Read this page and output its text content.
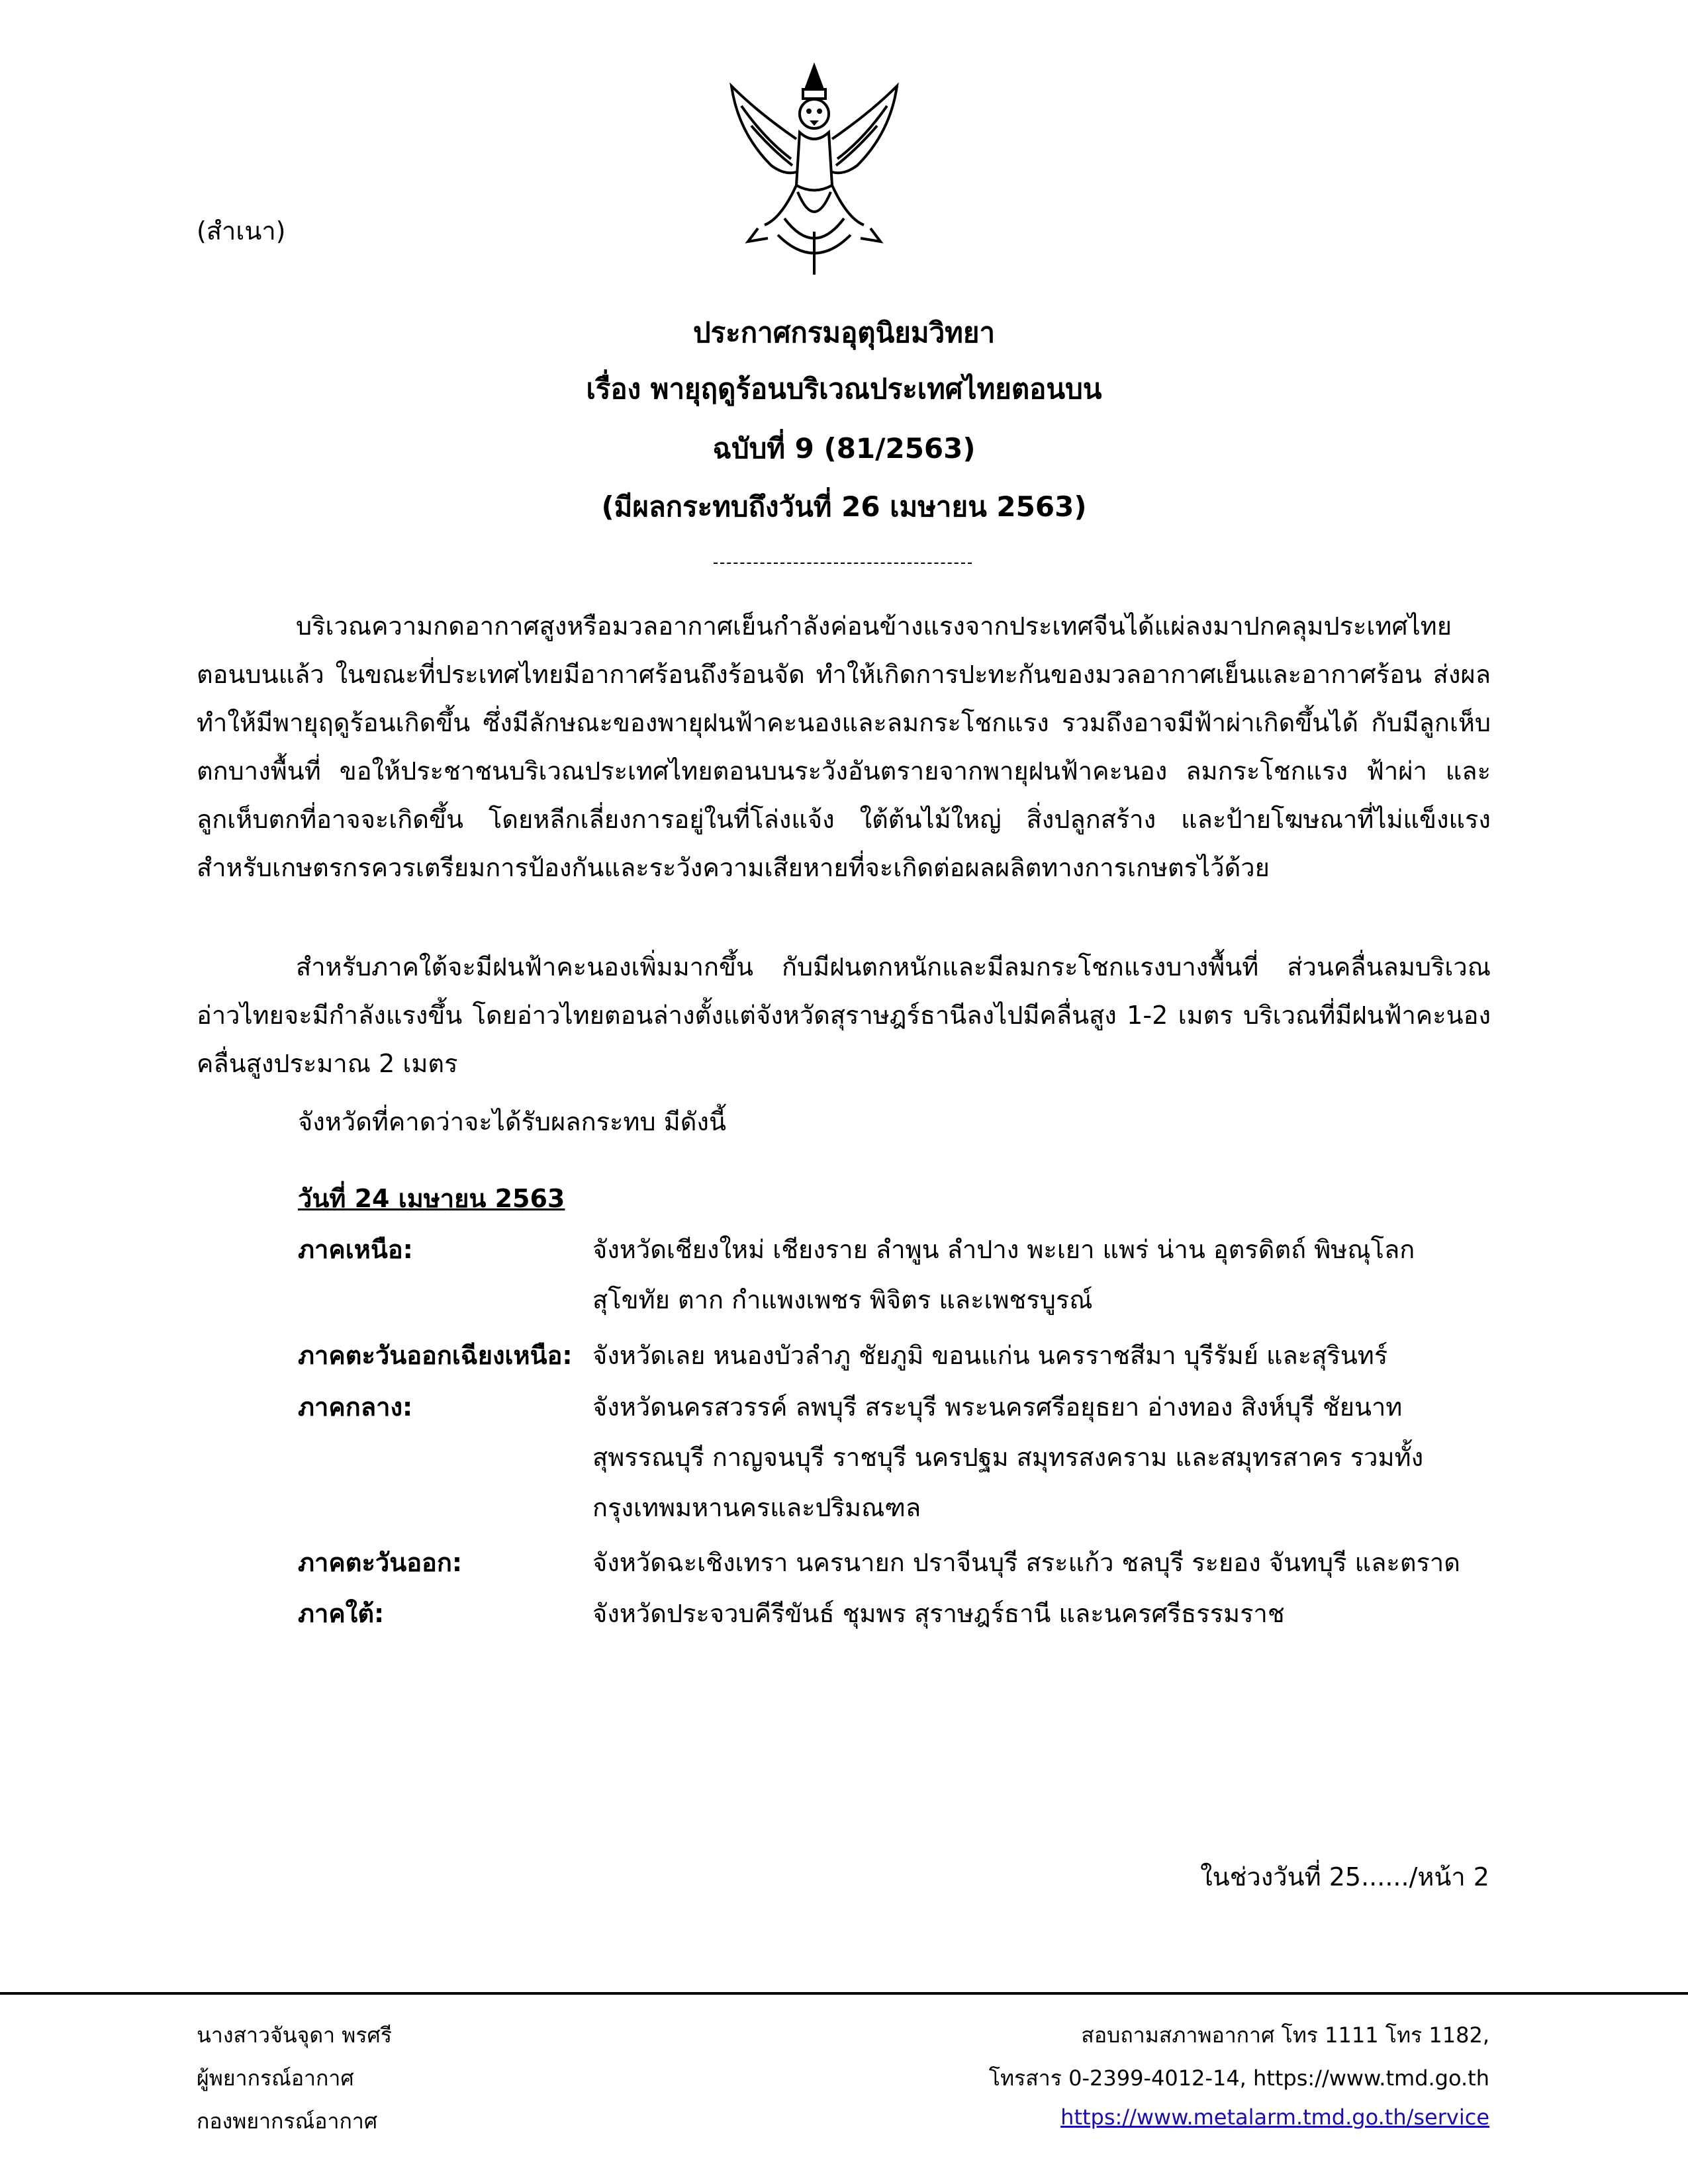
(สำเนา)
ประกาศกรมอุตุนิยมวิทยา
เรื่อง พายุฤดูร้อนบริเวณประเทศไทยตอนบน
ฉบับที่ 9 (81/2563)
(มีผลกระทบถึงวันที่ 26 เมษายน 2563)
บริเวณความกดอากาศสูงหรือมวลอากาศเย็นกำลังค่อนข้างแรงจากประเทศจีนได้แผ่ลงมาปกคลุมประเทศไทยตอนบนแล้ว ในขณะที่ประเทศไทยมีอากาศร้อนถึงร้อนจัด ทำให้เกิดการปะทะกันของมวลอากาศเย็นและอากาศร้อน ส่งผลทำให้มีพายุฤดูร้อนเกิดขึ้น ซึ่งมีลักษณะของพายุฝนฟ้าคะนองและลมกระโชกแรง รวมถึงอาจมีฟ้าผ่าเกิดขึ้นได้ กับมีลูกเห็บตกบางพื้นที่ ขอให้ประชาชนบริเวณประเทศไทยตอนบนระวังอันตรายจากพายุฝนฟ้าคะนอง ลมกระโชกแรง ฟ้าผ่า และลูกเห็บตกที่อาจจะเกิดขึ้น โดยหลีกเลี่ยงการอยู่ในที่โล่งแจ้ง ใต้ต้นไม้ใหญ่ สิ่งปลูกสร้าง และป้ายโฆษณาที่ไม่แข็งแรง สำหรับเกษตรกรควรเตรียมการป้องกันและระวังความเสียหายที่จะเกิดต่อผลผลิตทางการเกษตรไว้ด้วย
สำหรับภาคใต้จะมีฝนฟ้าคะนองเพิ่มมากขึ้น กับมีฝนตกหนักและมีลมกระโชกแรงบางพื้นที่ ส่วนคลื่นลมบริเวณอ่าวไทยจะมีกำลังแรงขึ้น โดยอ่าวไทยตอนล่างตั้งแต่จังหวัดสุราษฎร์ธานีลงไปมีคลื่นสูง 1-2 เมตร บริเวณที่มีฝนฟ้าคะนองคลื่นสูงประมาณ 2 เมตร
จังหวัดที่คาดว่าจะได้รับผลกระทบ มีดังนี้
วันที่ 24 เมษายน 2563
ภาคเหนือ:	จังหวัดเชียงใหม่ เชียงราย ลำพูน ลำปาง พะเยา แพร่ น่าน อุตรดิตถ์ พิษณุโลก สุโขทัย ตาก กำแพงเพชร พิจิตร และเพชรบูรณ์
ภาคตะวันออกเฉียงเหนือ: จังหวัดเลย หนองบัวลำภู ชัยภูมิ ขอนแก่น นครราชสีมา บุรีรัมย์ และสุรินทร์
ภาคกลาง:	จังหวัดนครสวรรค์ ลพบุรี สระบุรี พระนครศรีอยุธยา อ่างทอง สิงห์บุรี ชัยนาท สุพรรณบุรี กาญจนบุรี ราชบุรี นครปฐม สมุทรสงคราม และสมุทรสาคร รวมทั้งกรุงเทพมหานครและปริมณฑล
ภาคตะวันออก:	จังหวัดฉะเชิงเทรา นครนายก ปราจีนบุรี สระแก้ว ชลบุรี ระยอง จันทบุรี และตราด
ภาคใต้:	จังหวัดประจวบคีรีขันธ์ ชุมพร สุราษฎร์ธานี และนครศรีธรรมราช
ในช่วงวันที่ 25....../หน้า 2
นางสาวจันจุดา พรศรี
ผู้พยากรณ์อากาศ
กองพยากรณ์อากาศ
สอบถามสภาพอากาศ โทร 1111 โทร 1182,
โทรสาร 0-2399-4012-14, https://www.tmd.go.th
https://www.metalarm.tmd.go.th/service
